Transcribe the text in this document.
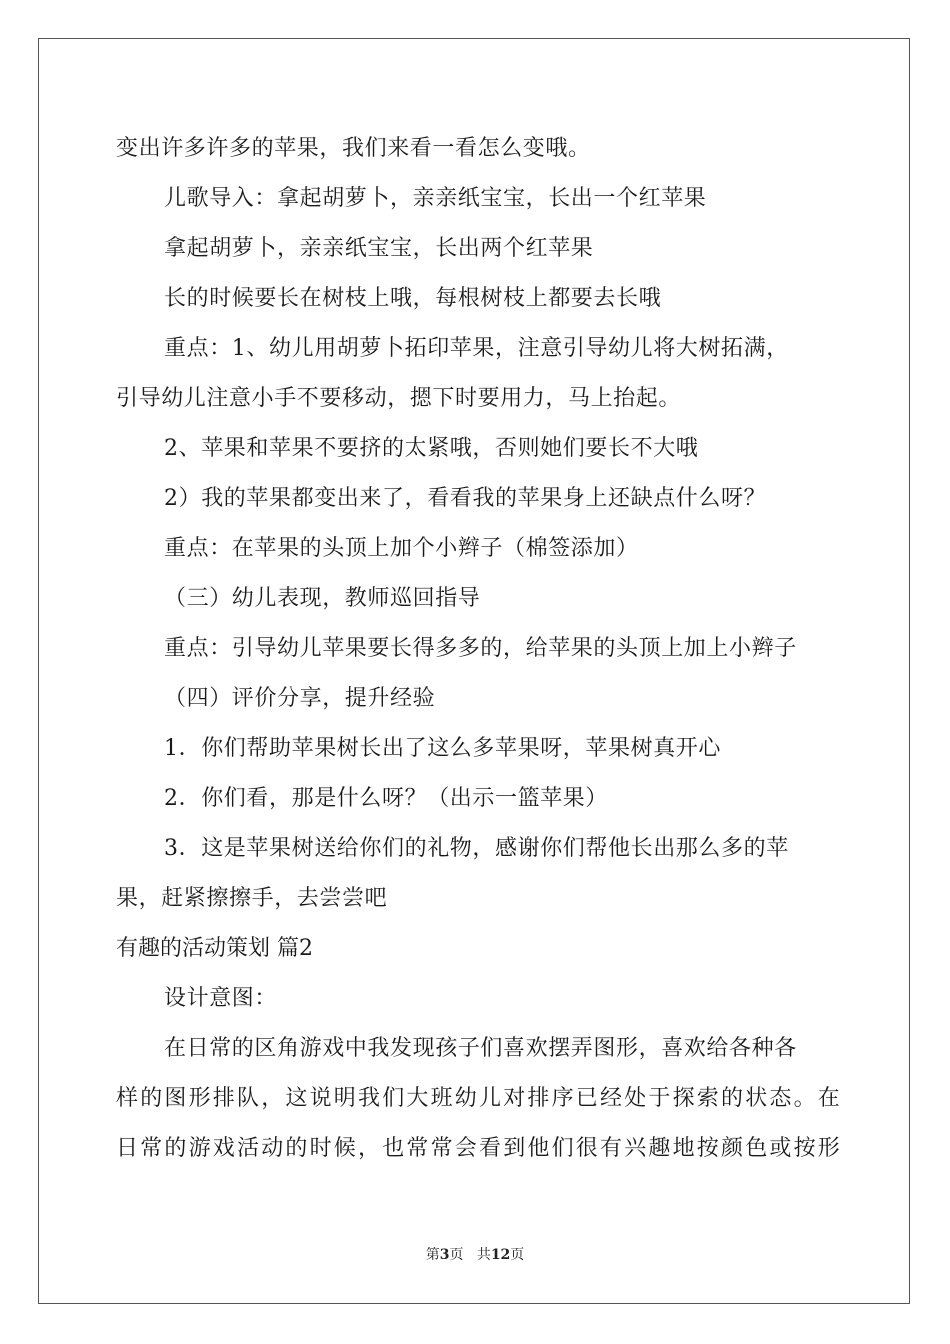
变出许多许多的苹果，我们来看一看怎么变哦。
儿歌导入：拿起胡萝卜，亲亲纸宝宝，长出一个红苹果
拿起胡萝卜，亲亲纸宝宝，长出两个红苹果
长的时候要长在树枝上哦，每根树枝上都要去长哦
重点：1、幼儿用胡萝卜拓印苹果，注意引导幼儿将大树拓满，
引导幼儿注意小手不要移动，摁下时要用力，马上抬起。
2、苹果和苹果不要挤的太紧哦，否则她们要长不大哦
2）我的苹果都变出来了，看看我的苹果身上还缺点什么呀？
重点：在苹果的头顶上加个小辫子（棉签添加）
（三）幼儿表现，教师巡回指导
重点：引导幼儿苹果要长得多多的，给苹果的头顶上加上小辫子
（四）评价分享，提升经验
1．你们帮助苹果树长出了这么多苹果呀，苹果树真开心
2．你们看，那是什么呀？（出示一篮苹果）
3．这是苹果树送给你们的礼物，感谢你们帮他长出那么多的苹
果，赶紧擦擦手，去尝尝吧
有趣的活动策划 篇2
设计意图：
在日常的区角游戏中我发现孩子们喜欢摆弄图形，喜欢给各种各
样的图形排队，这说明我们大班幼儿对排序已经处于探索的状态。在
日常的游戏活动的时候，也常常会看到他们很有兴趣地按颜色或按形
第3页 共12页
